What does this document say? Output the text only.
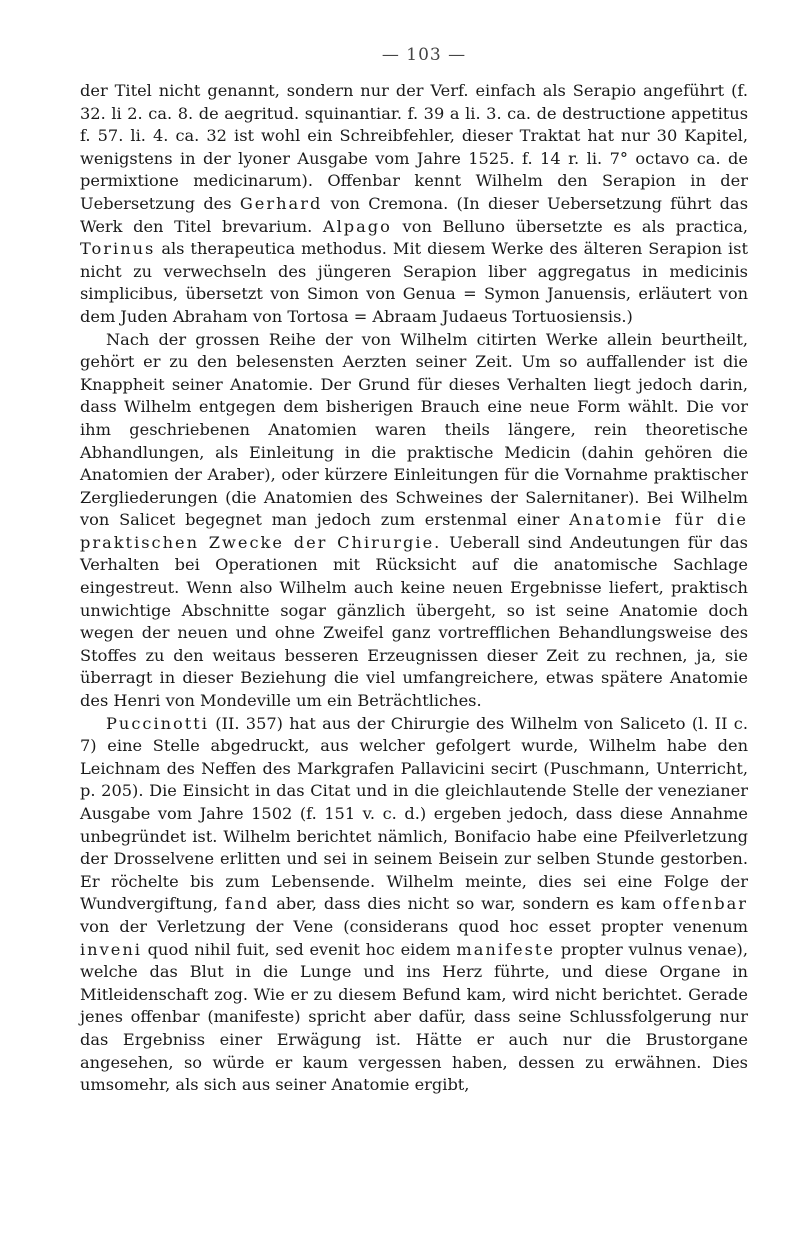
— 103 —

der Titel nicht genannt, sondern nur der Verf. einfach als Serapio angeführt (f. 32. li 2. ca. 8. de aegritud. squinantiar. f. 39 a li. 3. ca. de destructione appetitus f. 57. li. 4. ca. 32 ist wohl ein Schreibfehler, dieser Traktat hat nur 30 Kapitel, wenigstens in der lyoner Ausgabe vom Jahre 1525. f. 14 r. li. 7° octavo ca. de permixtione medicinarum). Offenbar kennt Wilhelm den Serapion in der Uebersetzung des Gerhard von Cremona. (In dieser Uebersetzung führt das Werk den Titel brevarium. Alpago von Belluno übersetzte es als practica, Torinus als therapeutica methodus. Mit diesem Werke des älteren Serapion ist nicht zu verwechseln des jüngeren Serapion liber aggregatus in medicinis simplicibus, übersetzt von Simon von Genua = Symon Januensis, erläutert von dem Juden Abraham von Tortosa = Abraam Judaeus Tortuosiensis.)

Nach der grossen Reihe der von Wilhelm citirten Werke allein beurtheilt, gehört er zu den belesensten Aerzten seiner Zeit. Um so auffallender ist die Knappheit seiner Anatomie. Der Grund für dieses Verhalten liegt jedoch darin, dass Wilhelm entgegen dem bisherigen Brauch eine neue Form wählt. Die vor ihm geschriebenen Anatomien waren theils längere, rein theoretische Abhandlungen, als Einleitung in die praktische Medicin (dahin gehören die Anatomien der Araber), oder kürzere Einleitungen für die Vornahme praktischer Zergliederungen (die Anatomien des Schweines der Salernitaner). Bei Wilhelm von Salicet begegnet man jedoch zum erstenmal einer Anatomie für die praktischen Zwecke der Chirurgie. Ueberall sind Andeutungen für das Verhalten bei Operationen mit Rücksicht auf die anatomische Sachlage eingestreut. Wenn also Wilhelm auch keine neuen Ergebnisse liefert, praktisch unwichtige Abschnitte sogar gänzlich übergeht, so ist seine Anatomie doch wegen der neuen und ohne Zweifel ganz vortrefflichen Behandlungsweise des Stoffes zu den weitaus besseren Erzeugnissen dieser Zeit zu rechnen, ja, sie überragt in dieser Beziehung die viel umfangreichere, etwas spätere Anatomie des Henri von Mondeville um ein Beträchtliches.

Puccinotti (II. 357) hat aus der Chirurgie des Wilhelm von Saliceto (l. II c. 7) eine Stelle abgedruckt, aus welcher gefolgert wurde, Wilhelm habe den Leichnam des Neffen des Markgrafen Pallavicini secirt (Puschmann, Unterricht, p. 205). Die Einsicht in das Citat und in die gleichlautende Stelle der venezianer Ausgabe vom Jahre 1502 (f. 151 v. c. d.) ergeben jedoch, dass diese Annahme unbegründet ist. Wilhelm berichtet nämlich, Bonifacio habe eine Pfeilverletzung der Drosselvene erlitten und sei in seinem Beisein zur selben Stunde gestorben. Er röchelte bis zum Lebensende. Wilhelm meinte, dies sei eine Folge der Wundvergiftung, fand aber, dass dies nicht so war, sondern es kam offenbar von der Verletzung der Vene (considerans quod hoc esset propter venenum inveni quod nihil fuit, sed evenit hoc eidem manifeste propter vulnus venae), welche das Blut in die Lunge und ins Herz führte, und diese Organe in Mitleidenschaft zog. Wie er zu diesem Befund kam, wird nicht berichtet. Gerade jenes offenbar (manifeste) spricht aber dafür, dass seine Schlussfolgerung nur das Ergebniss einer Erwägung ist. Hätte er auch nur die Brustorgane angesehen, so würde er kaum vergessen haben, dessen zu erwähnen. Dies umsomehr, als sich aus seiner Anatomie ergibt,
